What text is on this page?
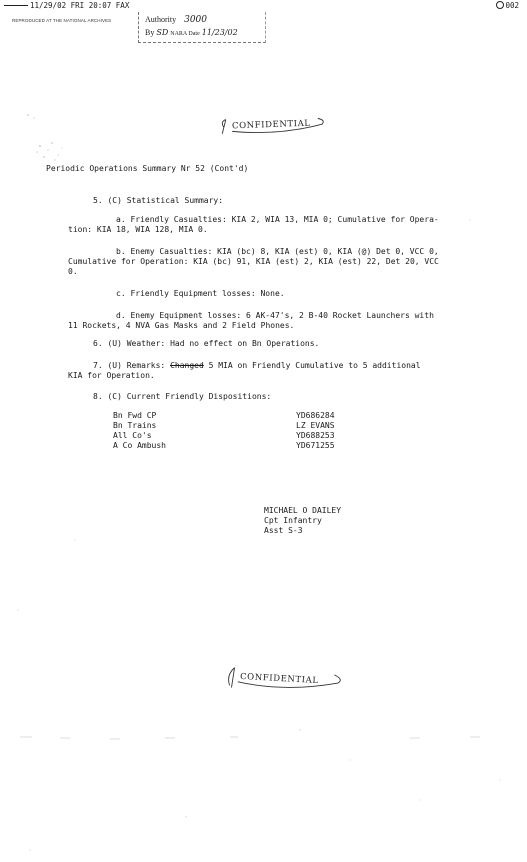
11/29/02 FRI 20:07 FAX	002
REPRODUCED AT THE NATIONAL ARCHIVES	Authority 3000
By SD NARA Date 11/23/02
CONFIDENTIAL
Periodic Operations Summary Nr 52 (Cont'd)
5. (C) Statistical Summary:
a. Friendly Casualties: KIA 2, WIA 13, MIA 0; Cumulative for Opera-
tion: KIA 18, WIA 128, MIA 0.
b. Enemy Casualties: KIA (bc) 8, KIA (est) 0, KIA (@) Det 0, VCC 0,
Cumulative for Operation: KIA (bc) 91, KIA (est) 2, KIA (est) 22, Det 20, VCC
0.
c. Friendly Equipment losses: None.
d. Enemy Equipment losses: 6 AK-47's, 2 B-40 Rocket Launchers with
11 Rockets, 4 NVA Gas Masks and 2 Field Phones.
6. (U) Weather: Had no effect on Bn Operations.
7. (U) Remarks: Changed 5 MIA on Friendly Cumulative to 5 additional
KIA for Operation.
8. (C) Current Friendly Dispositions:
Bn Fwd CP	YD686284
Bn Trains	LZ EVANS
All Co's	YD688253
A Co Ambush	YD671255
MICHAEL O DAILEY
Cpt Infantry
Asst S-3
CONFIDENTIAL
